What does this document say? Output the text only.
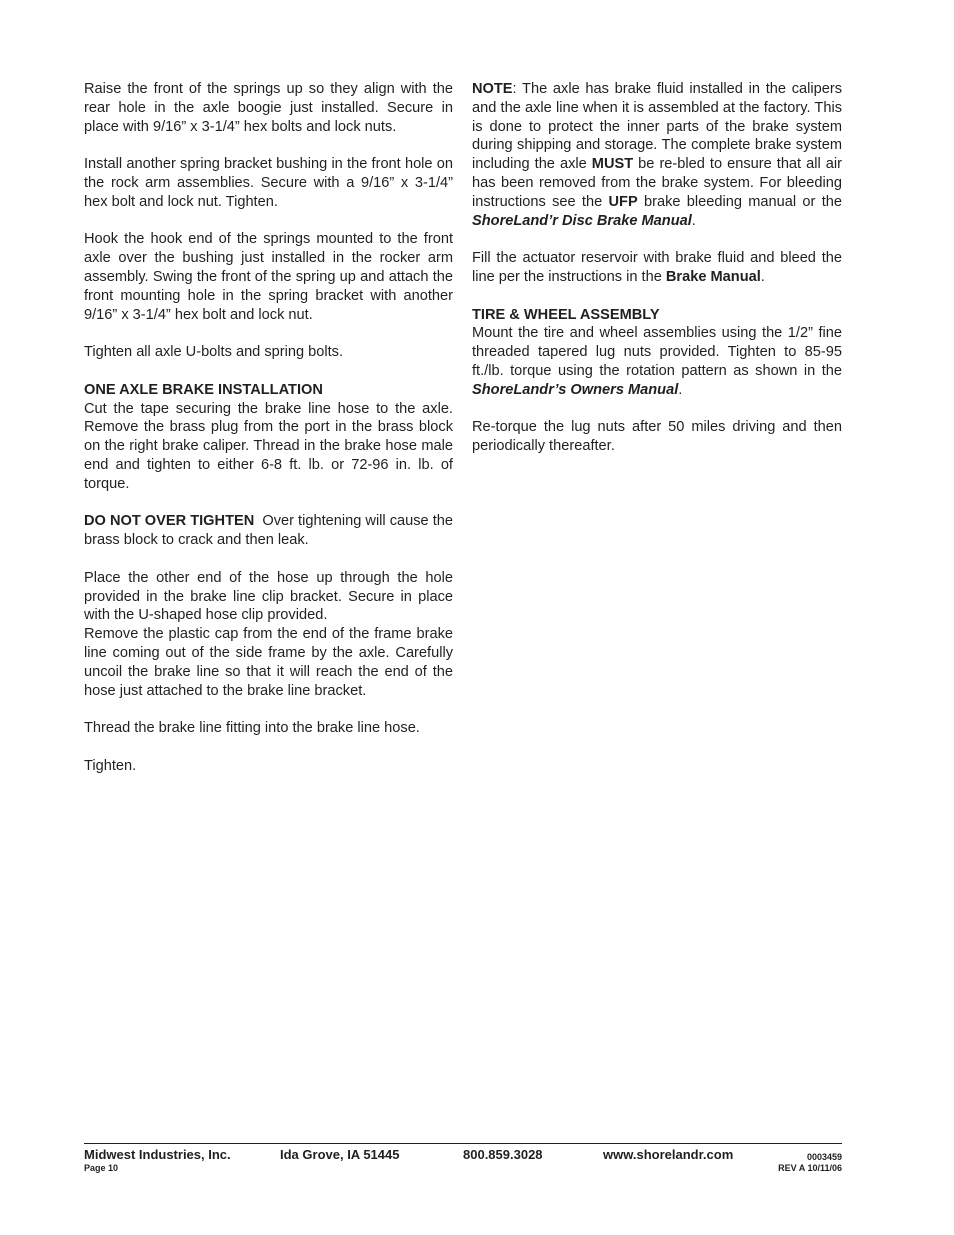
Raise the front of the springs up so they align with the rear hole in the axle boogie just installed. Secure in place with 9/16” x 3-1/4” hex bolts and lock nuts.

Install another spring bracket bushing in the front hole on the rock arm assemblies. Secure with a 9/16” x 3-1/4” hex bolt and lock nut. Tighten.

Hook the hook end of the springs mounted to the front axle over the bushing just installed in the rocker arm assembly. Swing the front of the spring up and attach the front mounting hole in the spring bracket with another 9/16” x 3-1/4” hex bolt and lock nut.

Tighten all axle U-bolts and spring bolts.

ONE AXLE BRAKE INSTALLATION

Cut the tape securing the brake line hose to the axle. Remove the brass plug from the port in the brass block on the right brake caliper. Thread in the brake hose male end and tighten to either 6-8 ft. lb. or 72-96 in. lb. of torque.

DO NOT OVER TIGHTEN  Over tightening will cause the brass block to crack and then leak.

Place the other end of the hose up through the hole provided in the brake line clip bracket. Secure in place with the U-shaped hose clip provided.

Remove the plastic cap from the end of the frame brake line coming out of the side frame by the axle. Carefully uncoil the brake line so that it will reach the end of the hose just attached to the brake line bracket.

Thread the brake line fitting into the brake line hose.

Tighten.

NOTE: The axle has brake fluid installed in the calipers and the axle line when it is assembled at the factory. This is done to protect the inner parts of the brake system during shipping and storage. The complete brake system including the axle MUST be re-bled to ensure that all air has been removed from the brake system. For bleeding instructions see the UFP brake bleeding manual or the ShoreLand’r Disc Brake Manual.

Fill the actuator reservoir with brake fluid and bleed the line per the instructions in the Brake Manual.

TIRE & WHEEL ASSEMBLY

Mount the tire and wheel assemblies using the 1/2” fine threaded tapered lug nuts provided. Tighten to 85-95 ft./lb. torque using the rotation pattern as shown in the ShoreLandr’s Owners Manual.

Re-torque the lug nuts after 50 miles driving and then periodically thereafter.

Midwest Industries, Inc.	Ida Grove, IA 51445	800.859.3028	www.shorelandr.com	0003459
Page 10	REV A 10/11/06
